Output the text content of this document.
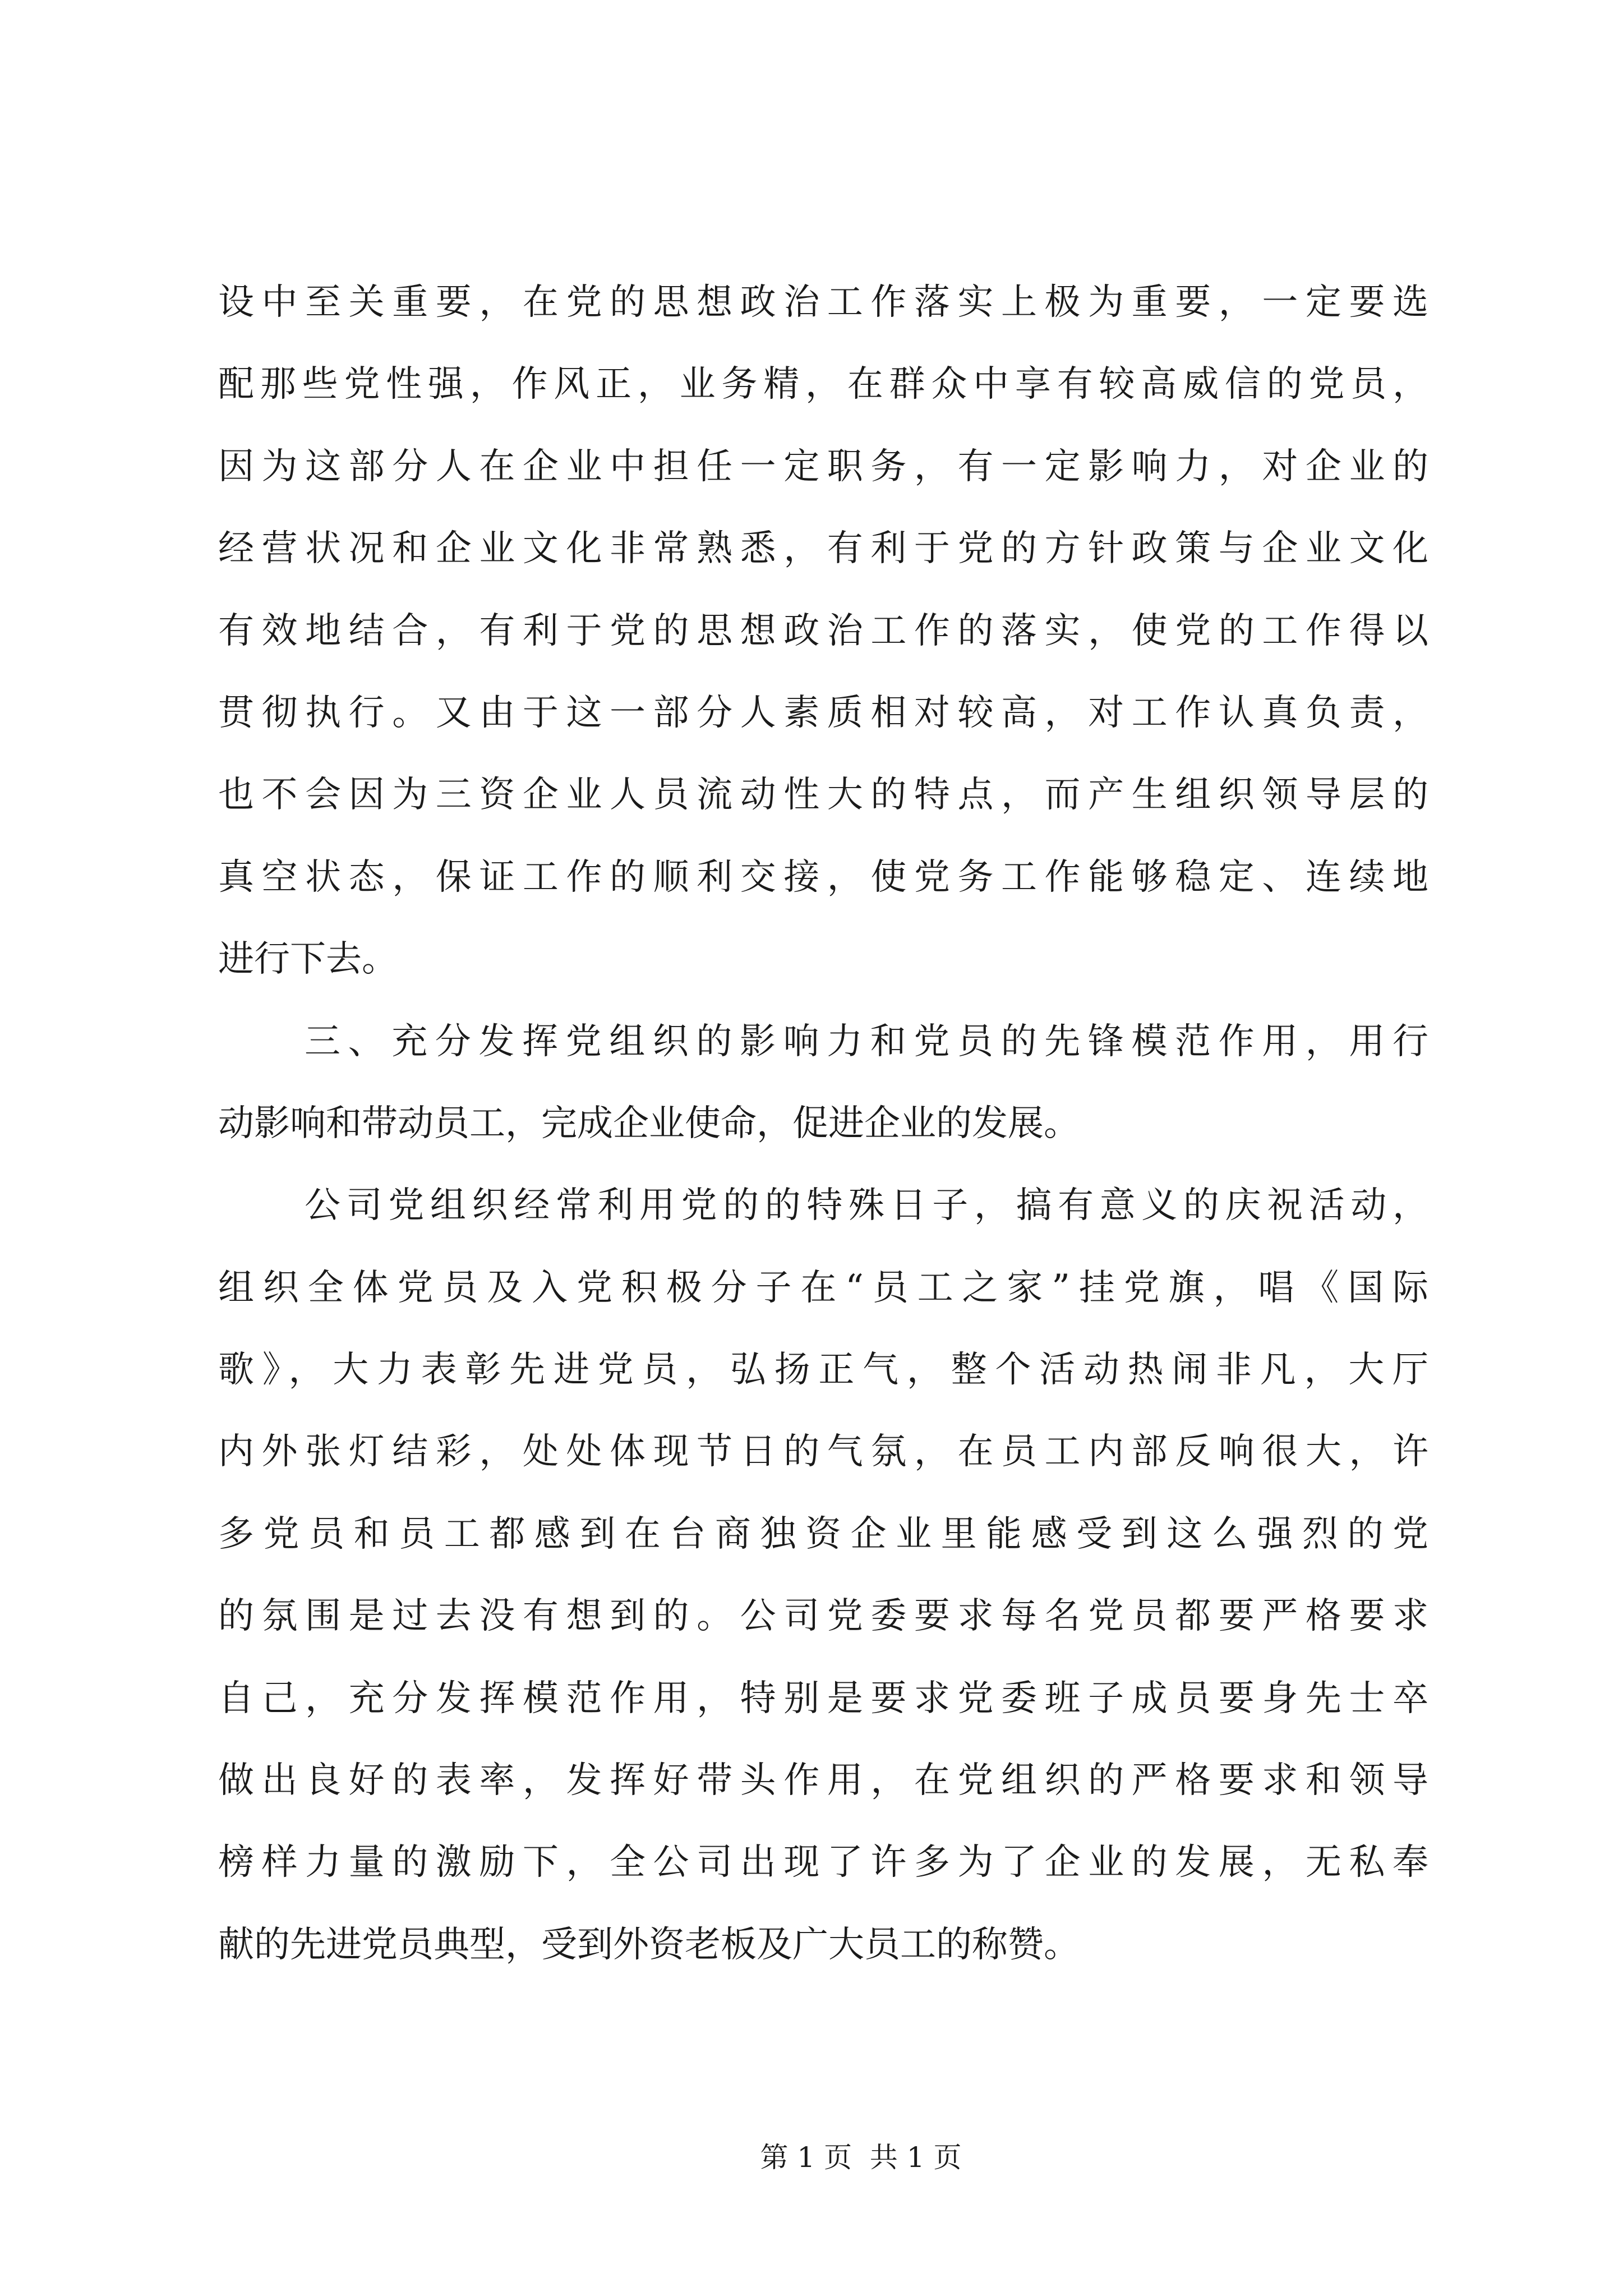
设中至关重要，在党的思想政治工作落实上极为重要，一定要选
配那些党性强，作风正，业务精，在群众中享有较高威信的党员，
因为这部分人在企业中担任一定职务，有一定影响力，对企业的
经营状况和企业文化非常熟悉，有利于党的方针政策与企业文化
有效地结合，有利于党的思想政治工作的落实，使党的工作得以
贯彻执行。又由于这一部分人素质相对较高，对工作认真负责，
也不会因为三资企业人员流动性大的特点，而产生组织领导层的
真空状态，保证工作的顺利交接，使党务工作能够稳定、连续地
进行下去。
三、充分发挥党组织的影响力和党员的先锋模范作用，用行
动影响和带动员工，完成企业使命，促进企业的发展。
公司党组织经常利用党的的特殊日子，搞有意义的庆祝活动，
组织全体党员及入党积极分子在“员工之家”挂党旗，唱《国际
歌》，大力表彰先进党员，弘扬正气，整个活动热闹非凡，大厅
内外张灯结彩，处处体现节日的气氛，在员工内部反响很大，许
多党员和员工都感到在台商独资企业里能感受到这么强烈的党
的氛围是过去没有想到的。公司党委要求每名党员都要严格要求
自己，充分发挥模范作用，特别是要求党委班子成员要身先士卒
做出良好的表率，发挥好带头作用，在党组织的严格要求和领导
榜样力量的激励下，全公司出现了许多为了企业的发展，无私奉
献的先进党员典型，受到外资老板及广大员工的称赞。
第 1 页  共 1 页
